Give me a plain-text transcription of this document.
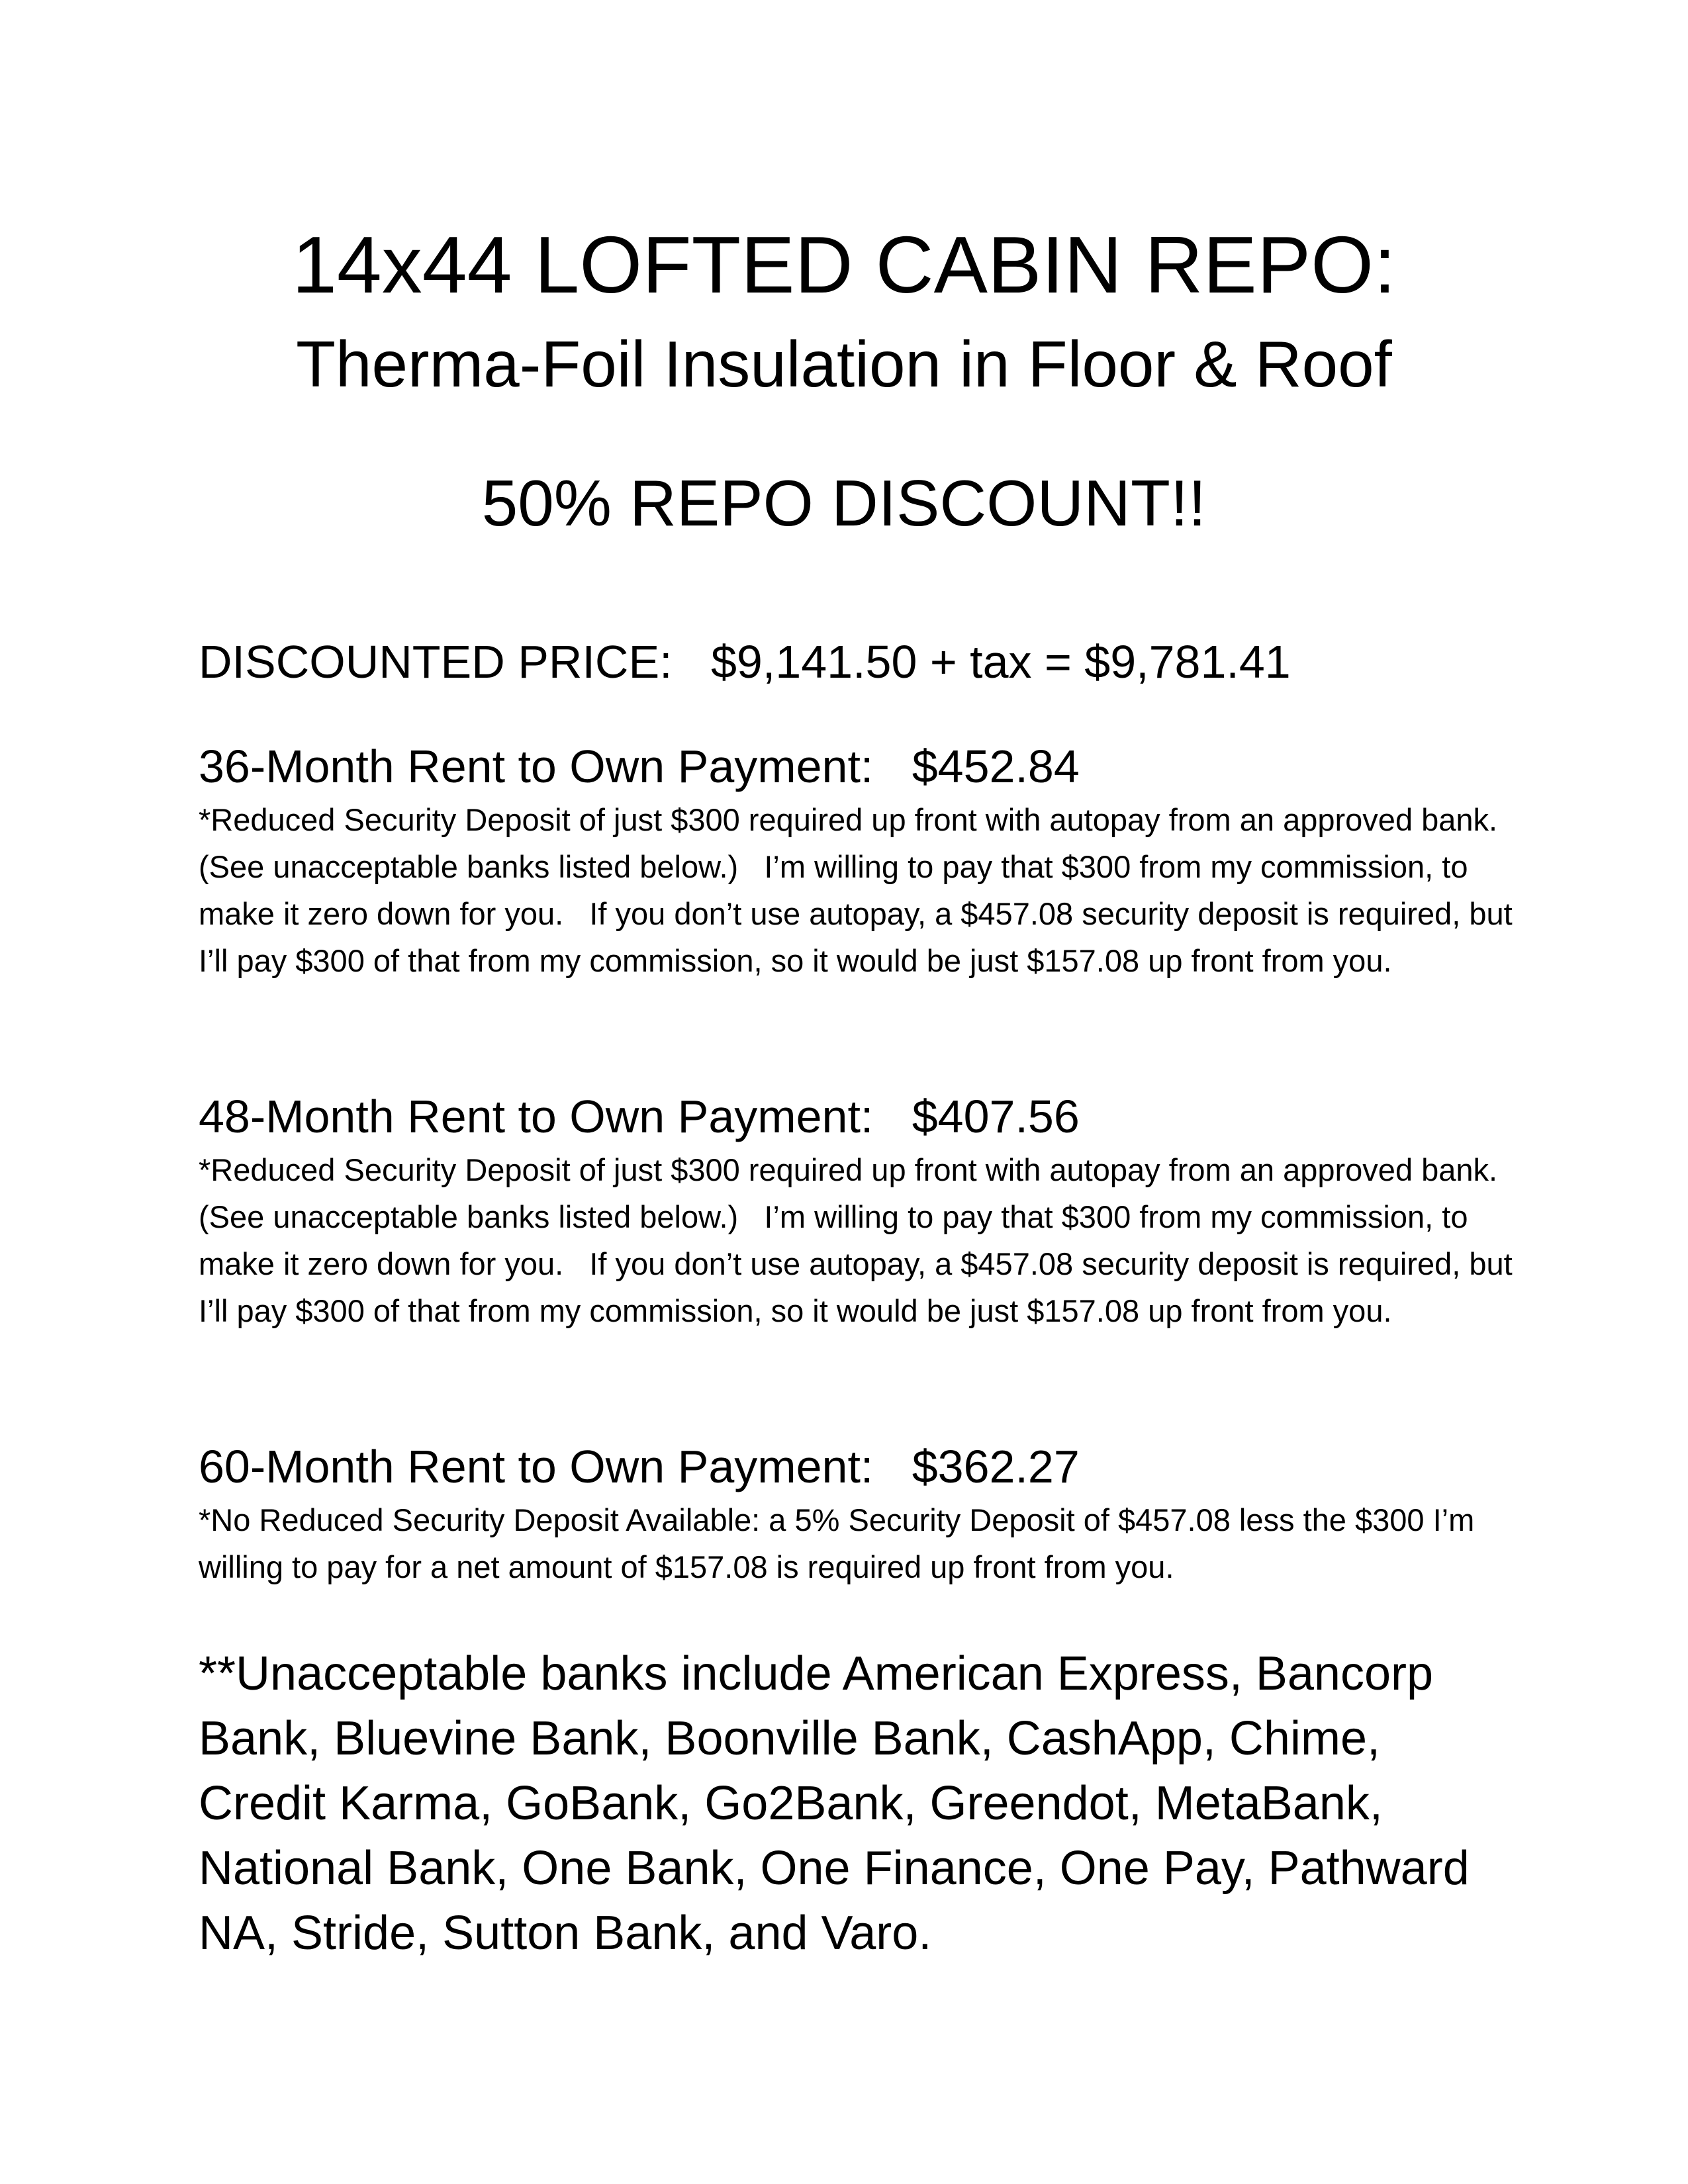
14x44 LOFTED CABIN REPO:
Therma-Foil Insulation in Floor & Roof
50% REPO DISCOUNT!!
DISCOUNTED PRICE:   $9,141.50 + tax = $9,781.41
36-Month Rent to Own Payment:   $452.84

*Reduced Security Deposit of just $300 required up front with autopay from an approved bank.   (See unacceptable banks listed below.)   I’m willing to pay that $300 from my commission, to make it zero down for you.   If you don’t use autopay, a $457.08 security deposit is required, but I’ll pay $300 of that from my commission, so it would be just $157.08 up front from you.

48-Month Rent to Own Payment:   $407.56

*Reduced Security Deposit of just $300 required up front with autopay from an approved bank.   (See unacceptable banks listed below.)   I’m willing to pay that $300 from my commission, to make it zero down for you.   If you don’t use autopay, a $457.08 security deposit is required, but I’ll pay $300 of that from my commission, so it would be just $157.08 up front from you.

60-Month Rent to Own Payment:   $362.27

*No Reduced Security Deposit Available: a 5% Security Deposit of $457.08 less the $300 I’m willing to pay for a net amount of $157.08 is required up front from you.

**Unacceptable banks include American Express, Bancorp Bank, Bluevine Bank, Boonville Bank, CashApp, Chime, Credit Karma, GoBank, Go2Bank, Greendot, MetaBank, National Bank, One Bank, One Finance, One Pay, Pathward NA, Stride, Sutton Bank, and Varo.
